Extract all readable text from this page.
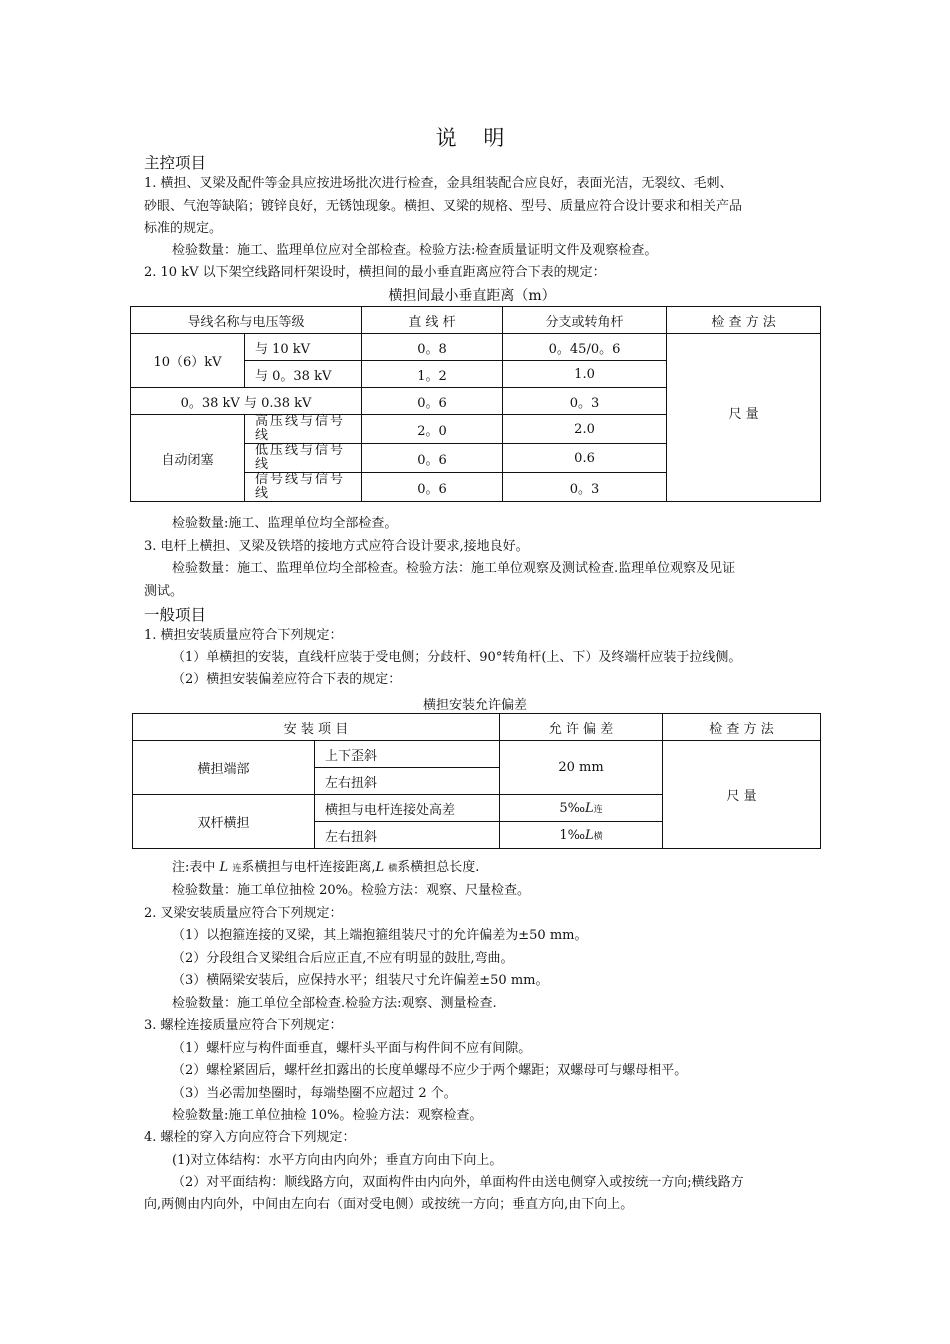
说 明
主控项目
1. 横担、叉梁及配件等金具应按进场批次进行检查，金具组装配合应良好，表面光洁，无裂纹、毛刺、
砂眼、气泡等缺陷；镀锌良好，无锈蚀现象。横担、叉梁的规格、型号、质量应符合设计要求和相关产品
标准的规定。
检验数量：施工、监理单位应对全部检查。检验方法:检查质量证明文件及观察检查。
2. 10 kV 以下架空线路同杆架设时，横担间的最小垂直距离应符合下表的规定：
横担间最小垂直距离（m）
导线名称与电压等级		直 线 杆	分支或转角杆	检 查 方 法
10（6）kV	与 10 kV	0。8	0。45/0。6	尺 量
	与 0。38 kV	1。2	1.0	
0。38 kV 与 0.38 kV		0。6	0。3	
自动闭塞	高压线与信号线	2。0	2.0	
	低压线与信号线	0。6	0.6	
	信号线与信号线	0。6	0。3	
检验数量:施工、监理单位均全部检查。
3. 电杆上横担、叉梁及铁塔的接地方式应符合设计要求,接地良好。
检验数量：施工、监理单位均全部检查。检验方法：施工单位观察及测试检查.监理单位观察及见证
测试。
一般项目
1. 横担安装质量应符合下列规定：
（1）单横担的安装，直线杆应装于受电侧；分歧杆、90°转角杆(上、下）及终端杆应装于拉线侧。
（2）横担安装偏差应符合下表的规定：
横担安装允许偏差
安 装 项 目		允 许 偏 差	检 查 方 法
横担端部	上下歪斜	20 mm	尺 量
	左右扭斜		
双杆横担	横担与电杆连接处高差	5‰L连	
	左右扭斜	1‰L横	
注:表中 L 连系横担与电杆连接距离,L 横系横担总长度.
检验数量：施工单位抽检 20%。检验方法：观察、尺量检查。
2. 叉梁安装质量应符合下列规定：
（1）以抱箍连接的叉梁，其上端抱箍组装尺寸的允许偏差为±50 mm。
（2）分段组合叉梁组合后应正直,不应有明显的鼓肚,弯曲。
（3）横隔梁安装后，应保持水平；组装尺寸允许偏差±50 mm。
检验数量：施工单位全部检查.检验方法:观察、测量检查.
3. 螺栓连接质量应符合下列规定：
（1）螺杆应与构件面垂直，螺杆头平面与构件间不应有间隙。
（2）螺栓紧固后，螺杆丝扣露出的长度单螺母不应少于两个螺距；双螺母可与螺母相平。
（3）当必需加垫圈时，每端垫圈不应超过 2 个。
检验数量:施工单位抽检 10%。检验方法：观察检查。
4. 螺栓的穿入方向应符合下列规定：
(1)对立体结构：水平方向由内向外；垂直方向由下向上。
（2）对平面结构：顺线路方向，双面构件由内向外，单面构件由送电侧穿入或按统一方向;横线路方
向,两侧由内向外，中间由左向右（面对受电侧）或按统一方向；垂直方向,由下向上。
